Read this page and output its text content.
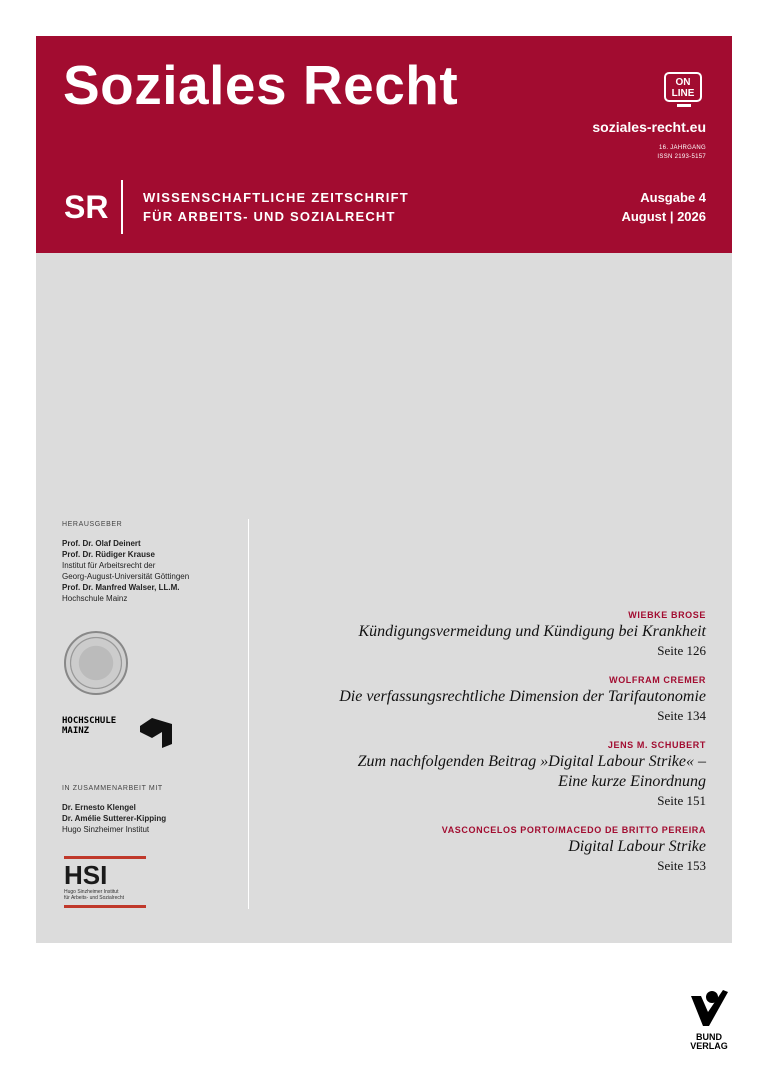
Soziales Recht	ON LINE
soziales-recht.eu
16. JAHRGANG
ISSN 2193-5157
SR	WISSENSCHAFTLICHE ZEITSCHRIFT
FÜR ARBEITS- UND SOZIALRECHT
Ausgabe 4
August | 2026
HERAUSGEBER
Prof. Dr. Olaf Deinert
Prof. Dr. Rüdiger Krause
Institut für Arbeitsrecht der
Georg-August-Universität Göttingen
Prof. Dr. Manfred Walser, LL.M.
Hochschule Mainz
HOCHSCHULE
MAINZ
IN ZUSAMMENARBEIT MIT
Dr. Ernesto Klengel
Dr. Amélie Sutterer-Kipping
Hugo Sinzheimer Institut
HSI
Hugo Sinzheimer Institut
für Arbeits- und Sozialrecht
WIEBKE BROSE
Kündigungsvermeidung und Kündigung bei Krankheit
Seite 126
WOLFRAM CREMER
Die verfassungsrechtliche Dimension der Tarifautonomie
Seite 134
JENS M. SCHUBERT
Zum nachfolgenden Beitrag »Digital Labour Strike« –
Eine kurze Einordnung
Seite 151
VASCONCELOS PORTO/MACEDO DE BRITTO PEREIRA
Digital Labour Strike
Seite 153
BUND
VERLAG
